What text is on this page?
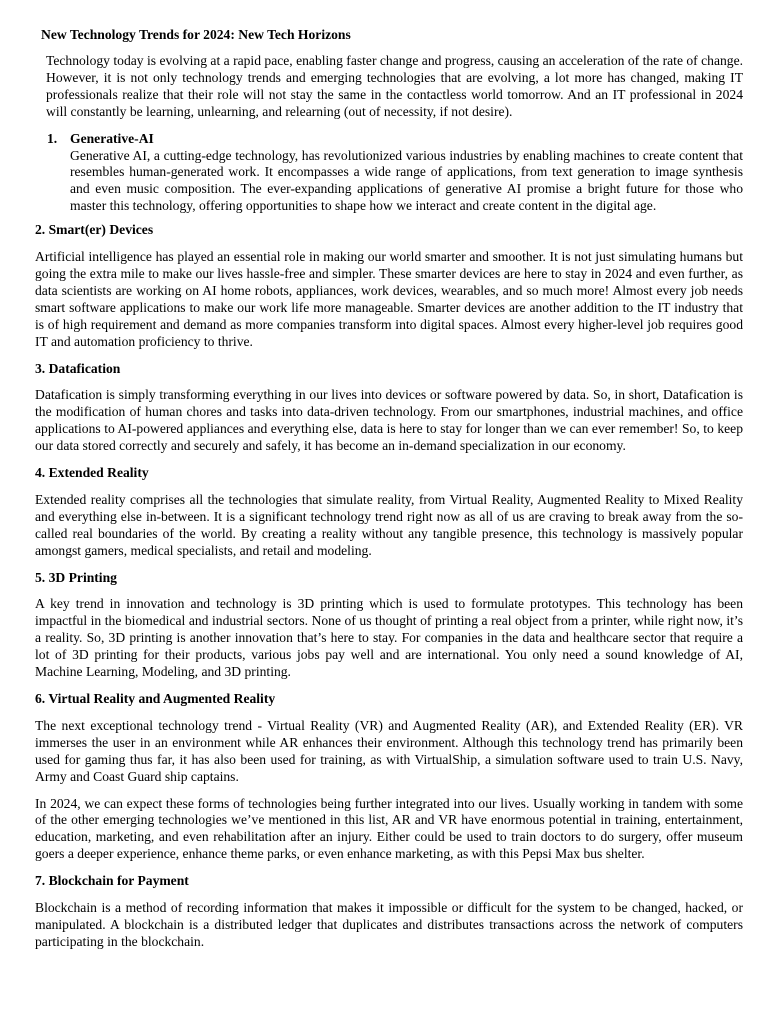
New Technology Trends for 2024: New Tech Horizons

Technology today is evolving at a rapid pace, enabling faster change and progress, causing an acceleration of the rate of change. However, it is not only technology trends and emerging technologies that are evolving, a lot more has changed, making IT professionals realize that their role will not stay the same in the contactless world tomorrow. And an IT professional in 2024 will constantly be learning, unlearning, and relearning (out of necessity, if not desire).

1. Generative-AI
Generative AI, a cutting-edge technology, has revolutionized various industries by enabling machines to create content that resembles human-generated work. It encompasses a wide range of applications, from text generation to image synthesis and even music composition. The ever-expanding applications of generative AI promise a bright future for those who master this technology, offering opportunities to shape how we interact and create content in the digital age.
2. Smart(er) Devices

Artificial intelligence has played an essential role in making our world smarter and smoother. It is not just simulating humans but going the extra mile to make our lives hassle-free and simpler. These smarter devices are here to stay in 2024 and even further, as data scientists are working on AI home robots, appliances, work devices, wearables, and so much more! Almost every job needs smart software applications to make our work life more manageable. Smarter devices are another addition to the IT industry that is of high requirement and demand as more companies transform into digital spaces. Almost every higher-level job requires good IT and automation proficiency to thrive.

3. Datafication

Datafication is simply transforming everything in our lives into devices or software powered by data. So, in short, Datafication is the modification of human chores and tasks into data-driven technology. From our smartphones, industrial machines, and office applications to AI-powered appliances and everything else, data is here to stay for longer than we can ever remember! So, to keep our data stored correctly and securely and safely, it has become an in-demand specialization in our economy.

4. Extended Reality

Extended reality comprises all the technologies that simulate reality, from Virtual Reality, Augmented Reality to Mixed Reality and everything else in-between. It is a significant technology trend right now as all of us are craving to break away from the so-called real boundaries of the world. By creating a reality without any tangible presence, this technology is massively popular amongst gamers, medical specialists, and retail and modeling.

5. 3D Printing

A key trend in innovation and technology is 3D printing which is used to formulate prototypes. This technology has been impactful in the biomedical and industrial sectors. None of us thought of printing a real object from a printer, while right now, it’s a reality. So, 3D printing is another innovation that’s here to stay. For companies in the data and healthcare sector that require a lot of 3D printing for their products, various jobs pay well and are international. You only need a sound knowledge of AI, Machine Learning, Modeling, and 3D printing.

6. Virtual Reality and Augmented Reality

The next exceptional technology trend - Virtual Reality (VR) and Augmented Reality (AR), and Extended Reality (ER). VR immerses the user in an environment while AR enhances their environment. Although this technology trend has primarily been used for gaming thus far, it has also been used for training, as with VirtualShip, a simulation software used to train U.S. Navy, Army and Coast Guard ship captains.

In 2024, we can expect these forms of technologies being further integrated into our lives. Usually working in tandem with some of the other emerging technologies we’ve mentioned in this list, AR and VR have enormous potential in training, entertainment, education, marketing, and even rehabilitation after an injury. Either could be used to train doctors to do surgery, offer museum goers a deeper experience, enhance theme parks, or even enhance marketing, as with this Pepsi Max bus shelter.

7. Blockchain for Payment

Blockchain is a method of recording information that makes it impossible or difficult for the system to be changed, hacked, or manipulated. A blockchain is a distributed ledger that duplicates and distributes transactions across the network of computers participating in the blockchain.
